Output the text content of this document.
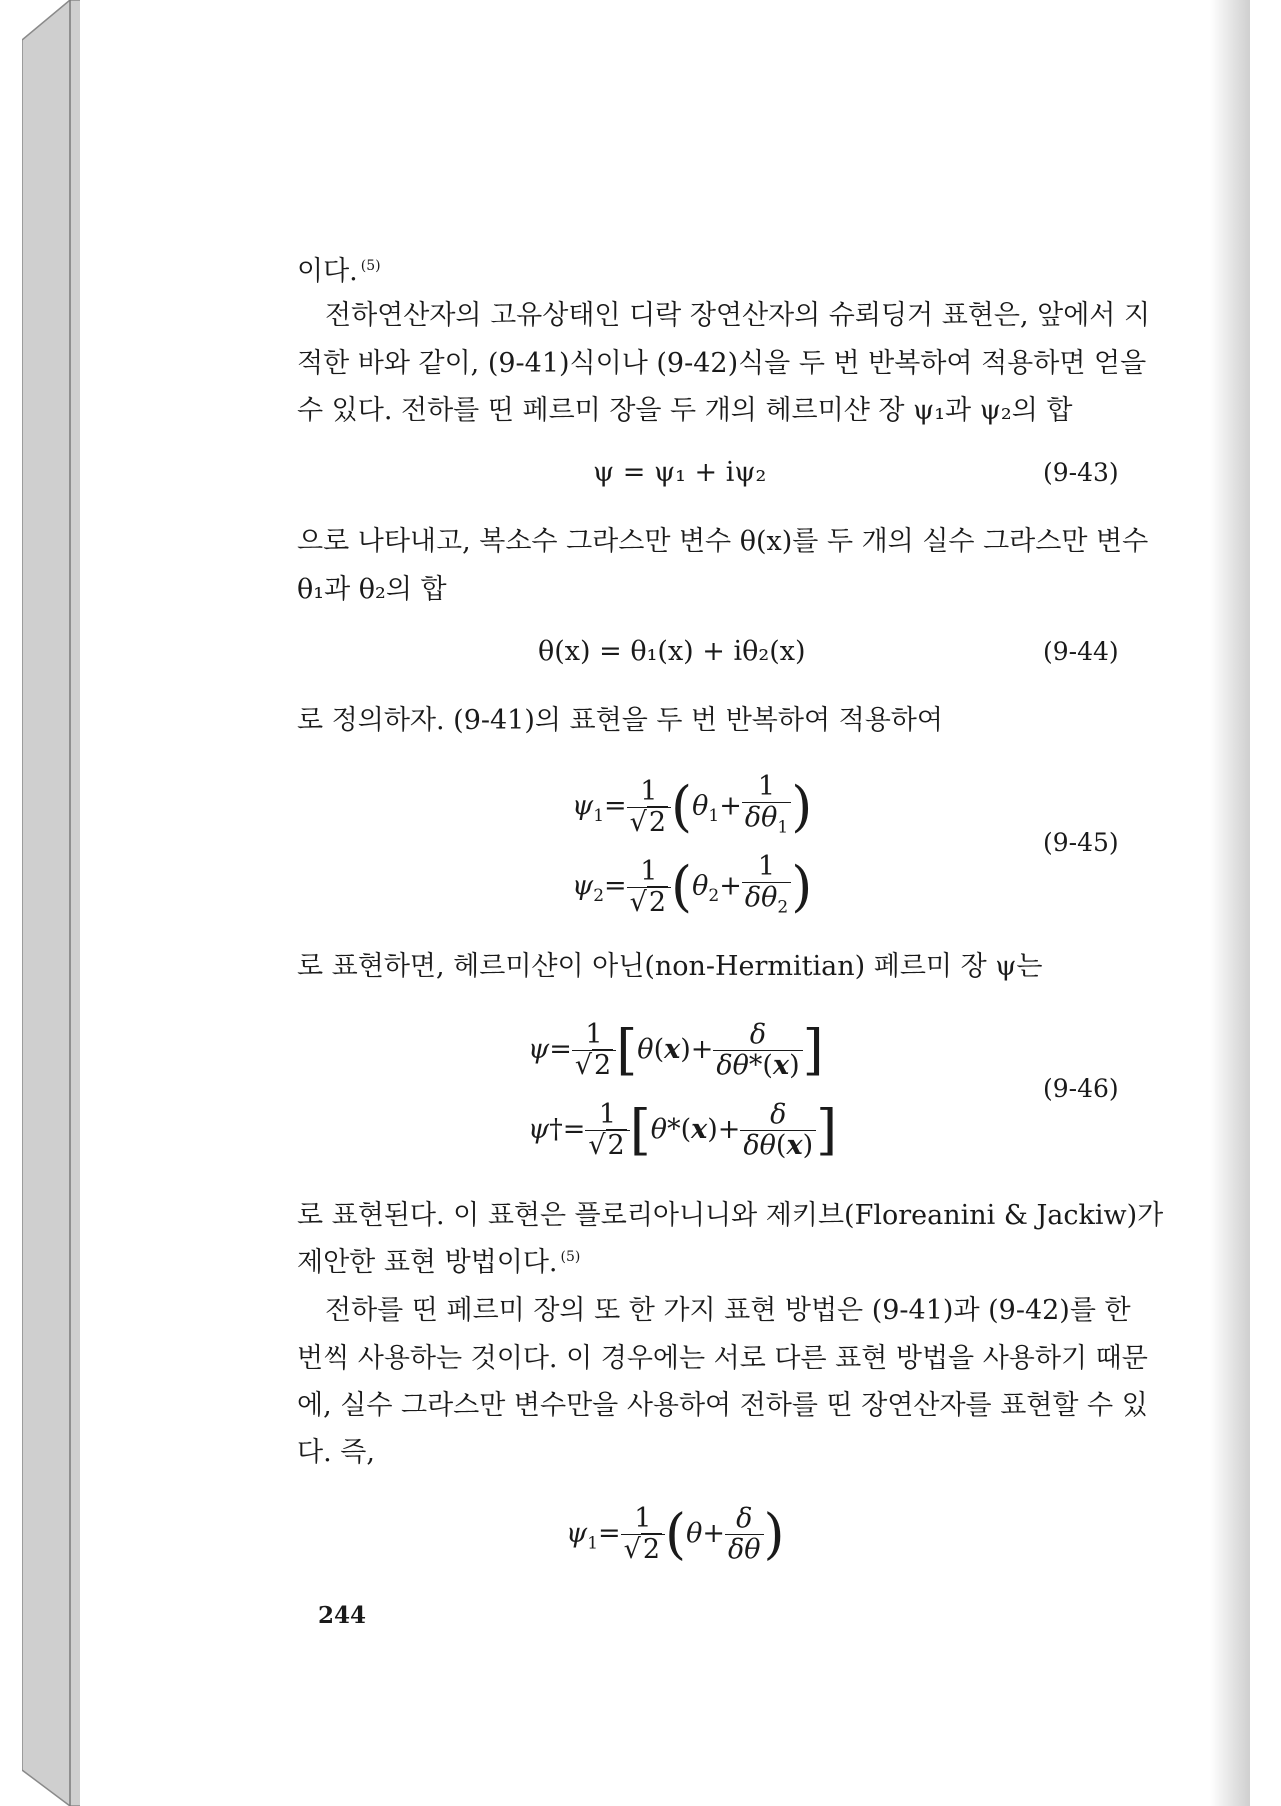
이다. $^{(5)}$
전하연산자의 고유상태인 디락 장연산자의 슈뢰딩거 표현은, 앞에서 지
적한 바와 같이, (9-41)식이나 (9-42)식을 두 번 반복하여 적용하면 얻을
수 있다. 전하를 띤 페르미 장을 두 개의 헤르미샨 장 ψ₁과 ψ₂의 합
ψ = ψ₁ + iψ₂	(9-43)
으로 나타내고, 복소수 그라스만 변수 θ(x)를 두 개의 실수 그라스만 변수
θ₁과 θ₂의 합
θ(x) = θ₁(x) + iθ₂(x)	(9-44)
로 정의하자. (9-41)의 표현을 두 번 반복하여 적용하여
$\psi_1= \frac{1}{√2} (\theta_1+ \frac{1}{\delta\theta_1}$ )
$\psi_2= \frac{1}{√2} (\theta_2+ \frac{1}{\delta\theta_2}$ )
(9-45)
로 표현하면, 헤르미샨이 아닌(non-Hermitian) 페르미 장 ψ는
$\psi= \frac{1}{√2} [\theta(x)+ \frac{\delta}{\delta\theta*(x)}$ ]
ψ†= $\frac{1}{√2} [\theta*(x)+ \frac{\delta}{\delta\theta(x)}$ ]
(9-46)
로 표현된다. 이 표현은 플로리아니니와 제키브(Floreanini & Jackiw)가
제안한 표현 방법이다. $^{(5)}$
전하를 띤 페르미 장의 또 한 가지 표현 방법은 (9-41)과 (9-42)를 한
번씩 사용하는 것이다. 이 경우에는 서로 다른 표현 방법을 사용하기 때문
에, 실수 그라스만 변수만을 사용하여 전하를 띤 장연산자를 표현할 수 있
다. 즉,
$\psi_1= \frac{1}{√2} (\theta+ \frac{\delta}{\delta\theta}$ )
244
